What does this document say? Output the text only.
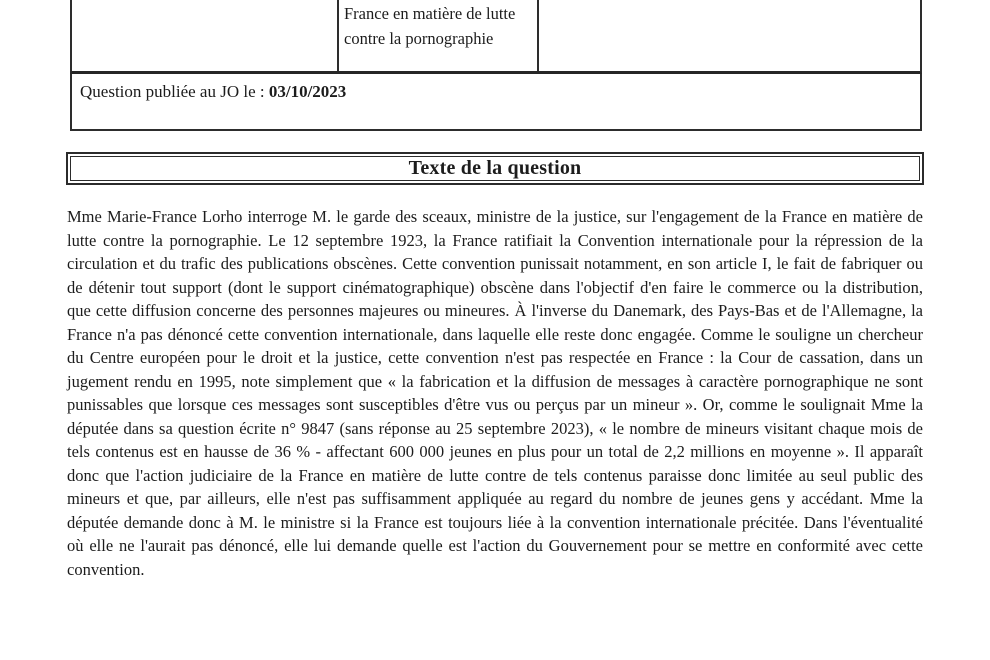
France en matière de lutte contre la pornographie
Question publiée au JO le : 03/10/2023
Texte de la question
Mme Marie-France Lorho interroge M. le garde des sceaux, ministre de la justice, sur l'engagement de la France en matière de lutte contre la pornographie. Le 12 septembre 1923, la France ratifiait la Convention internationale pour la répression de la circulation et du trafic des publications obscènes. Cette convention punissait notamment, en son article I, le fait de fabriquer ou de détenir tout support (dont le support cinématographique) obscène dans l'objectif d'en faire le commerce ou la distribution, que cette diffusion concerne des personnes majeures ou mineures. À l'inverse du Danemark, des Pays-Bas et de l'Allemagne, la France n'a pas dénoncé cette convention internationale, dans laquelle elle reste donc engagée. Comme le souligne un chercheur du Centre européen pour le droit et la justice, cette convention n'est pas respectée en France : la Cour de cassation, dans un jugement rendu en 1995, note simplement que « la fabrication et la diffusion de messages à caractère pornographique ne sont punissables que lorsque ces messages sont susceptibles d'être vus ou perçus par un mineur ». Or, comme le soulignait Mme la députée dans sa question écrite n° 9847 (sans réponse au 25 septembre 2023), « le nombre de mineurs visitant chaque mois de tels contenus est en hausse de 36 % - affectant 600 000 jeunes en plus pour un total de 2,2 millions en moyenne ». Il apparaît donc que l'action judiciaire de la France en matière de lutte contre de tels contenus paraisse donc limitée au seul public des mineurs et que, par ailleurs, elle n'est pas suffisamment appliquée au regard du nombre de jeunes gens y accédant. Mme la députée demande donc à M. le ministre si la France est toujours liée à la convention internationale précitée. Dans l'éventualité où elle ne l'aurait pas dénoncé, elle lui demande quelle est l'action du Gouvernement pour se mettre en conformité avec cette convention.
